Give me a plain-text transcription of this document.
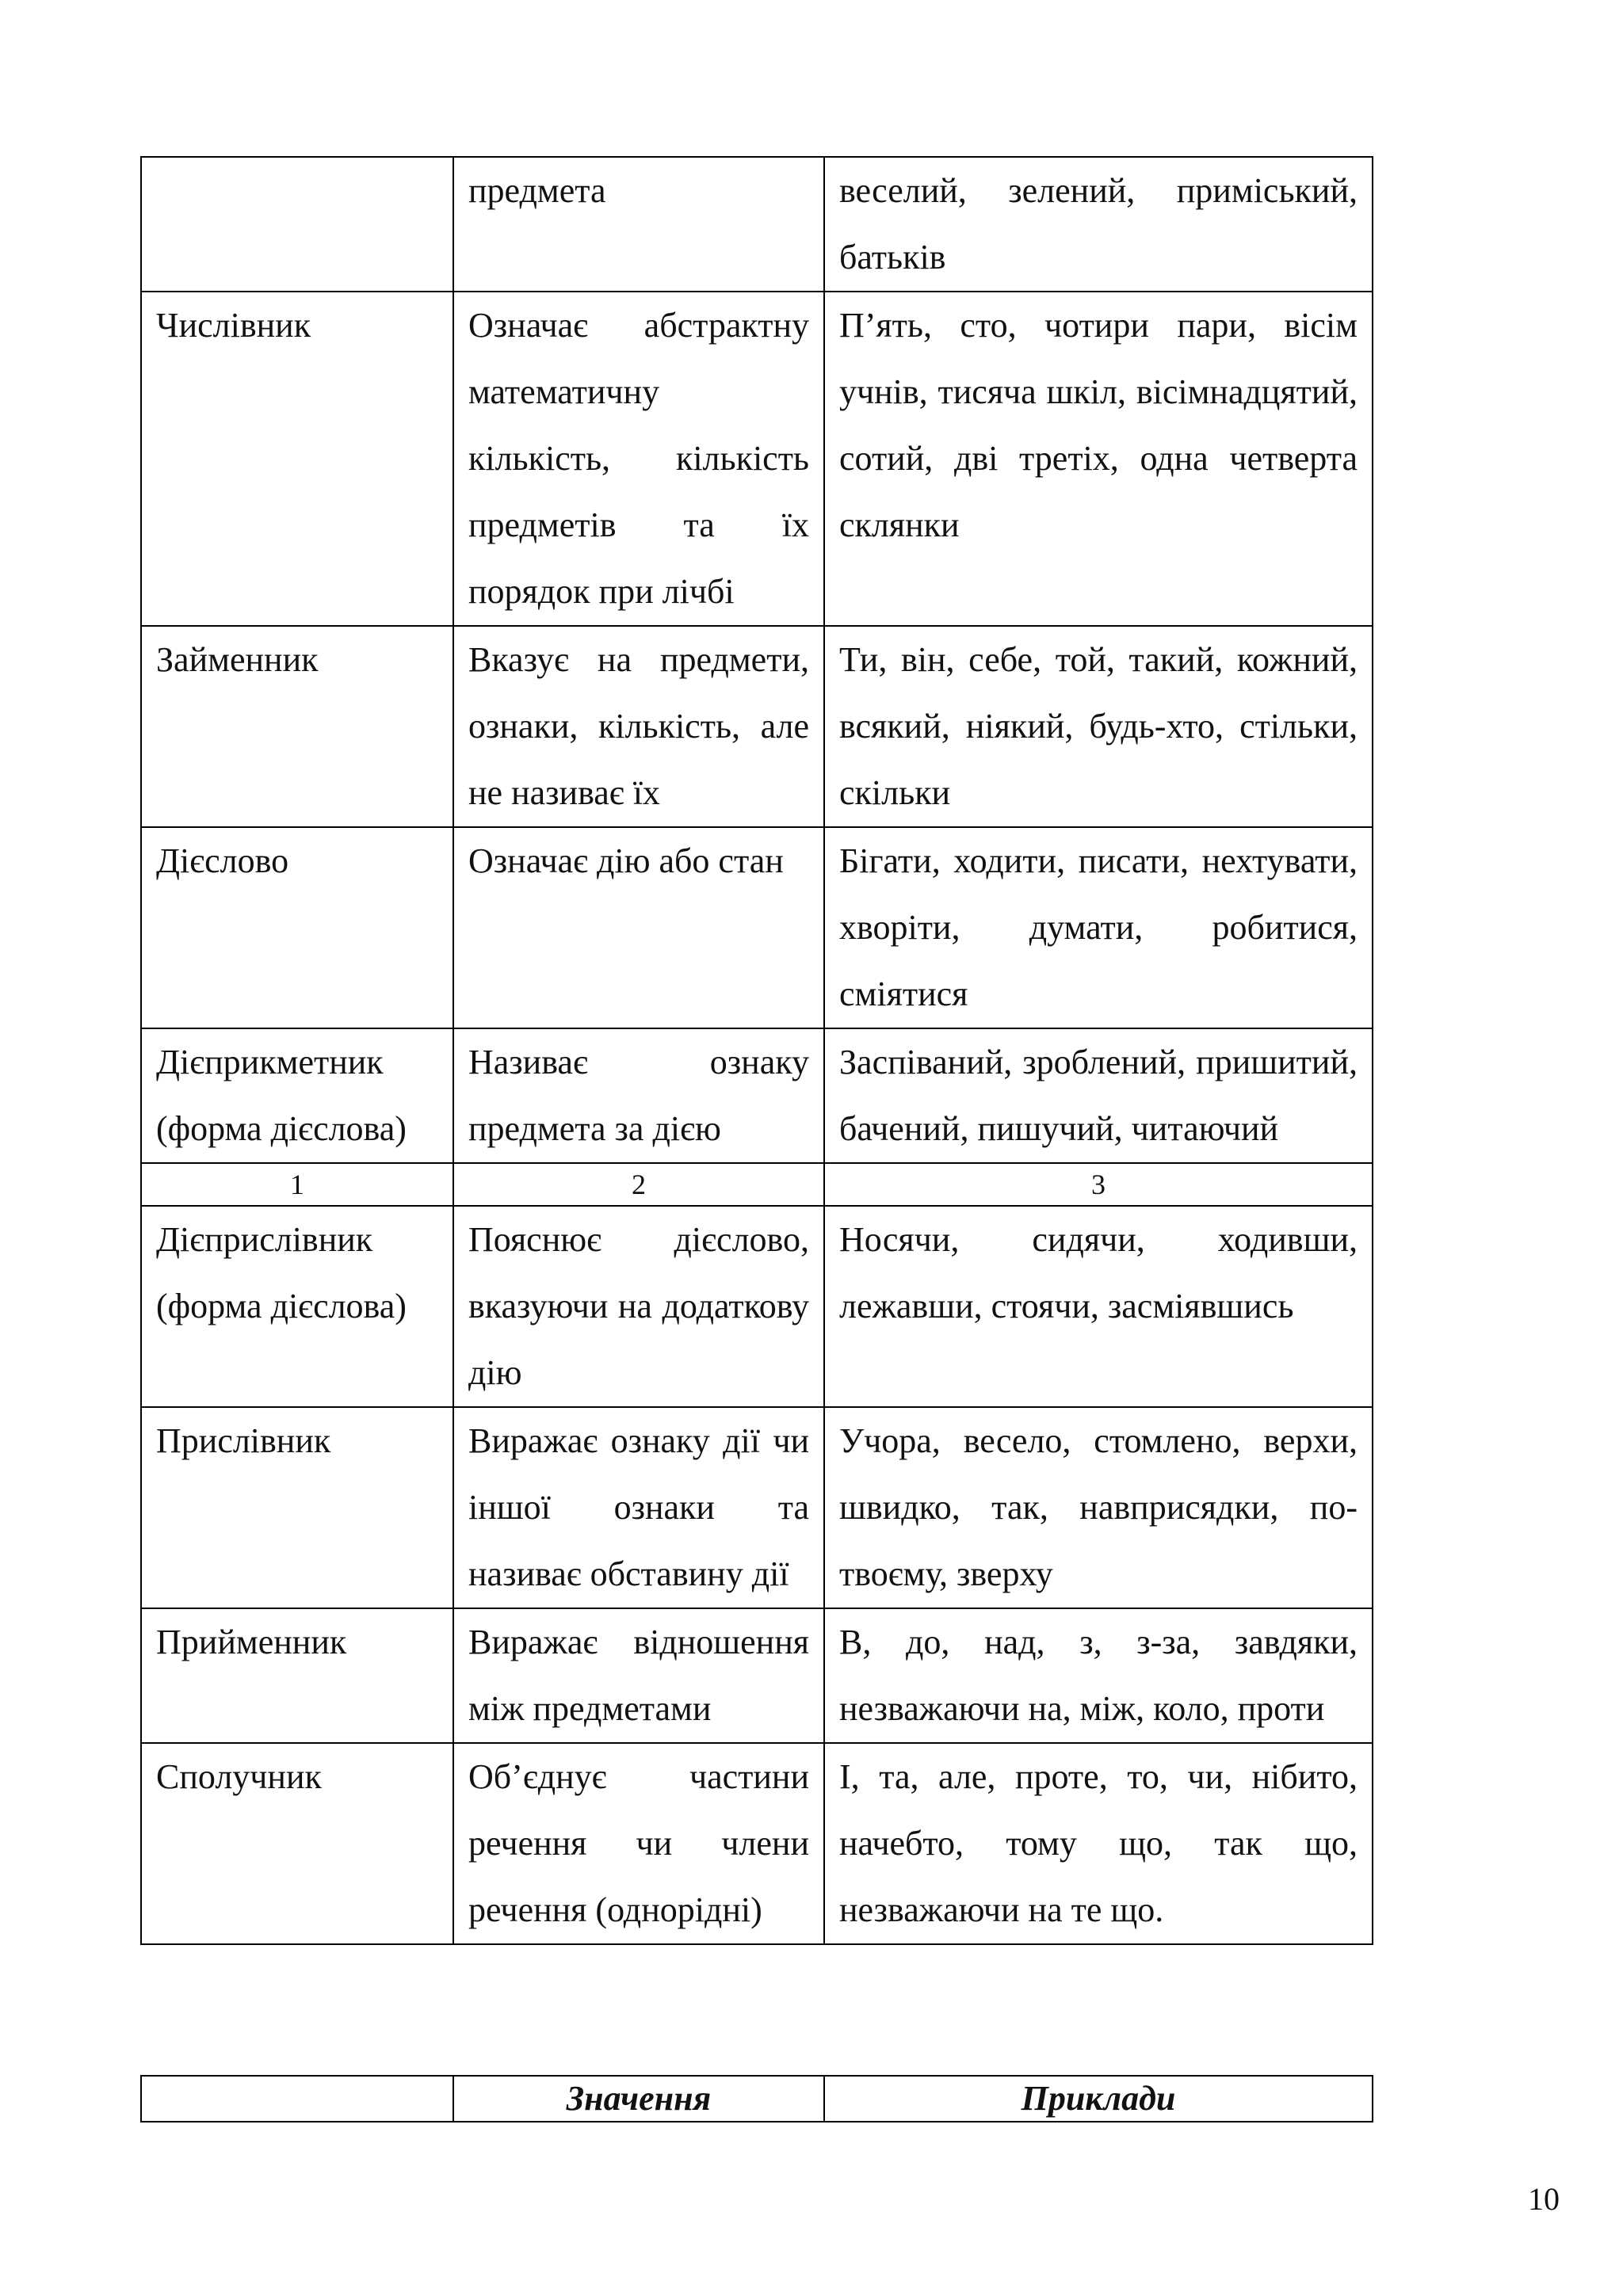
	предмета	веселий, зелений, приміський, батьків
Числівник	Означає абстрактну математичну кількість, кількість предметів та їх порядок при лічбі	П’ять, сто, чотири пари, вісім учнів, тисяча шкіл, вісімнадцятий, сотий, дві третіх, одна четверта склянки
Займенник	Вказує на предмети, ознаки, кількість, але не називає їх	Ти, він, себе, той, такий, кожний, всякий, ніякий, будь-хто, стільки, скільки
Дієслово	Означає дію або стан	Бігати, ходити, писати, нехтувати, хворіти, думати, робитися, сміятися
Дієприкметник (форма дієслова)	Називає ознаку предмета за дією	Заспіваний, зроблений, пришитий, бачений, пишучий, читаючий
1	2	3
Дієприслівник (форма дієслова)	Пояснює дієслово, вказуючи на додаткову дію	Носячи, сидячи, ходивши, лежавши, стоячи, засміявшись
Прислівник	Виражає ознаку дії чи іншої ознаки та називає обставину дії	Учора, весело, стомлено, верхи, швидко, так, навприсядки, по-твоєму, зверху
Прийменник	Виражає відношення між предметами	В, до, над, з, з-за, завдяки, незважаючи на, між, коло, проти
Сполучник	Об’єднує частини речення чи члени речення (однорідні)	І, та, але, проте, то, чи, нібито, начебто, тому що, так що, незважаючи на те що.
	Значення	Приклади
10
